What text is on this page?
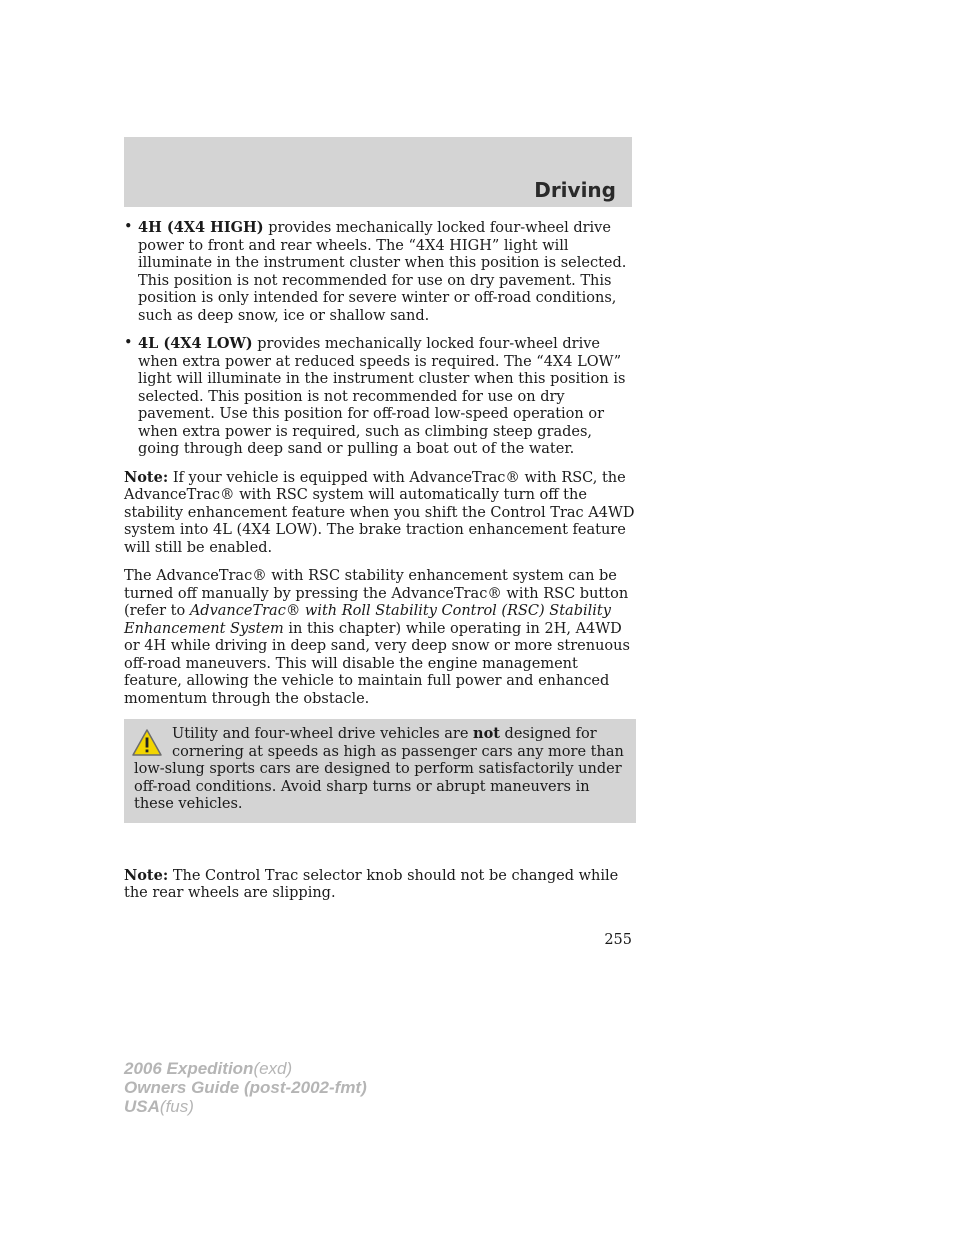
Driving
• 4H (4X4 HIGH) provides mechanically locked four-wheel drive power to front and rear wheels. The “4X4 HIGH” light will illuminate in the instrument cluster when this position is selected. This position is not recommended for use on dry pavement. This position is only intended for severe winter or off-road conditions, such as deep snow, ice or shallow sand.
• 4L (4X4 LOW) provides mechanically locked four-wheel drive when extra power at reduced speeds is required. The “4X4 LOW” light will illuminate in the instrument cluster when this position is selected. This position is not recommended for use on dry pavement. Use this position for off-road low-speed operation or when extra power is required, such as climbing steep grades, going through deep sand or pulling a boat out of the water.

Note: If your vehicle is equipped with AdvanceTrac® with RSC, the AdvanceTrac® with RSC system will automatically turn off the stability enhancement feature when you shift the Control Trac A4WD system into 4L (4X4 LOW). The brake traction enhancement feature will still be enabled.

The AdvanceTrac® with RSC stability enhancement system can be turned off manually by pressing the AdvanceTrac® with RSC button (refer to AdvanceTrac® with Roll Stability Control (RSC) Stability Enhancement System in this chapter) while operating in 2H, A4WD or 4H while driving in deep sand, very deep snow or more strenuous off-road maneuvers. This will disable the engine management feature, allowing the vehicle to maintain full power and enhanced momentum through the obstacle.

Utility and four-wheel drive vehicles are not designed for
cornering at speeds as high as passenger cars any more than
low-slung sports cars are designed to perform satisfactorily under off-road conditions. Avoid sharp turns or abrupt maneuvers in these vehicles.

Note: The Control Trac selector knob should not be changed while the rear wheels are slipping.

255
2006 Expedition(exd)
Owners Guide (post-2002-fmt)
USA(fus)
